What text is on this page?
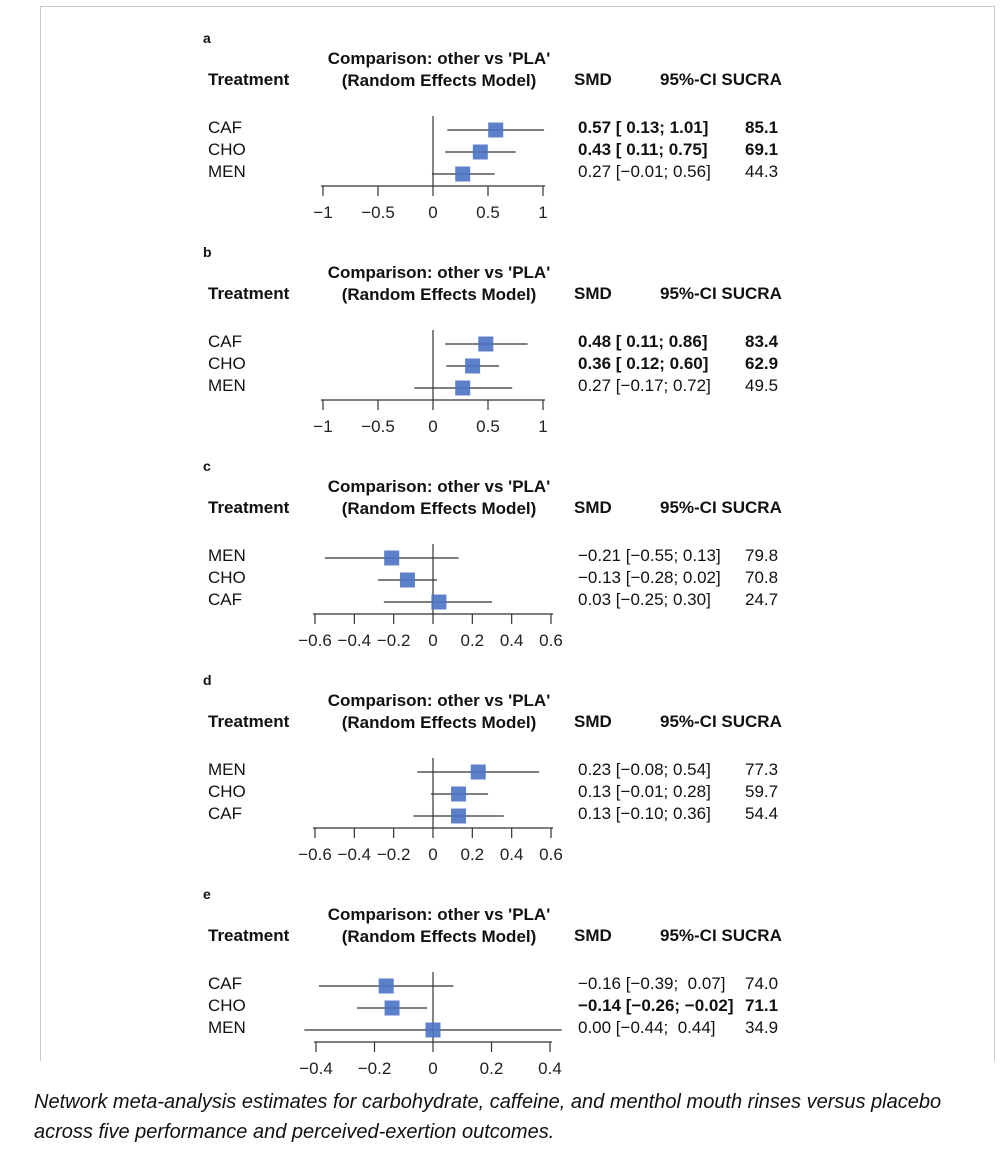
a
Comparison: other vs 'PLA'
(Random Effects Model)
Treatment	SMD	95%-CI SUCRA
CAF	0.57 [ 0.13; 1.01] 85.1
CHO	0.43 [ 0.11; 0.75] 69.1
MEN	0.27 [−0.01; 0.56] 44.3
−1 −0.5 0 0.5 1
b
Comparison: other vs 'PLA'
(Random Effects Model)
Treatment	SMD	95%-CI SUCRA
CAF	0.48 [ 0.11; 0.86] 83.4
CHO	0.36 [ 0.12; 0.60] 62.9
MEN	0.27 [−0.17; 0.72] 49.5
−1 −0.5 0 0.5 1
c
Comparison: other vs 'PLA'
(Random Effects Model)
Treatment	SMD	95%-CI SUCRA
MEN	−0.21 [−0.55; 0.13] 79.8
CHO	−0.13 [−0.28; 0.02] 70.8
CAF	0.03 [−0.25; 0.30] 24.7
−0.6 −0.4 −0.2 0 0.2 0.4 0.6
d
Comparison: other vs 'PLA'
(Random Effects Model)
Treatment	SMD	95%-CI SUCRA
MEN	0.23 [−0.08; 0.54] 77.3
CHO	0.13 [−0.01; 0.28] 59.7
CAF	0.13 [−0.10; 0.36] 54.4
−0.6 −0.4 −0.2 0 0.2 0.4 0.6
e
Comparison: other vs 'PLA'
(Random Effects Model)
Treatment	SMD	95%-CI SUCRA
CAF	−0.16 [−0.39;  0.07] 74.0
CHO	−0.14 [−0.26; −0.02] 71.1
MEN	0.00 [−0.44;  0.44] 34.9
−0.4 −0.2 0 0.2 0.4
Network meta-analysis estimates for carbohydrate, caffeine, and menthol mouth rinses versus placebo across five performance and perceived-exertion outcomes.
